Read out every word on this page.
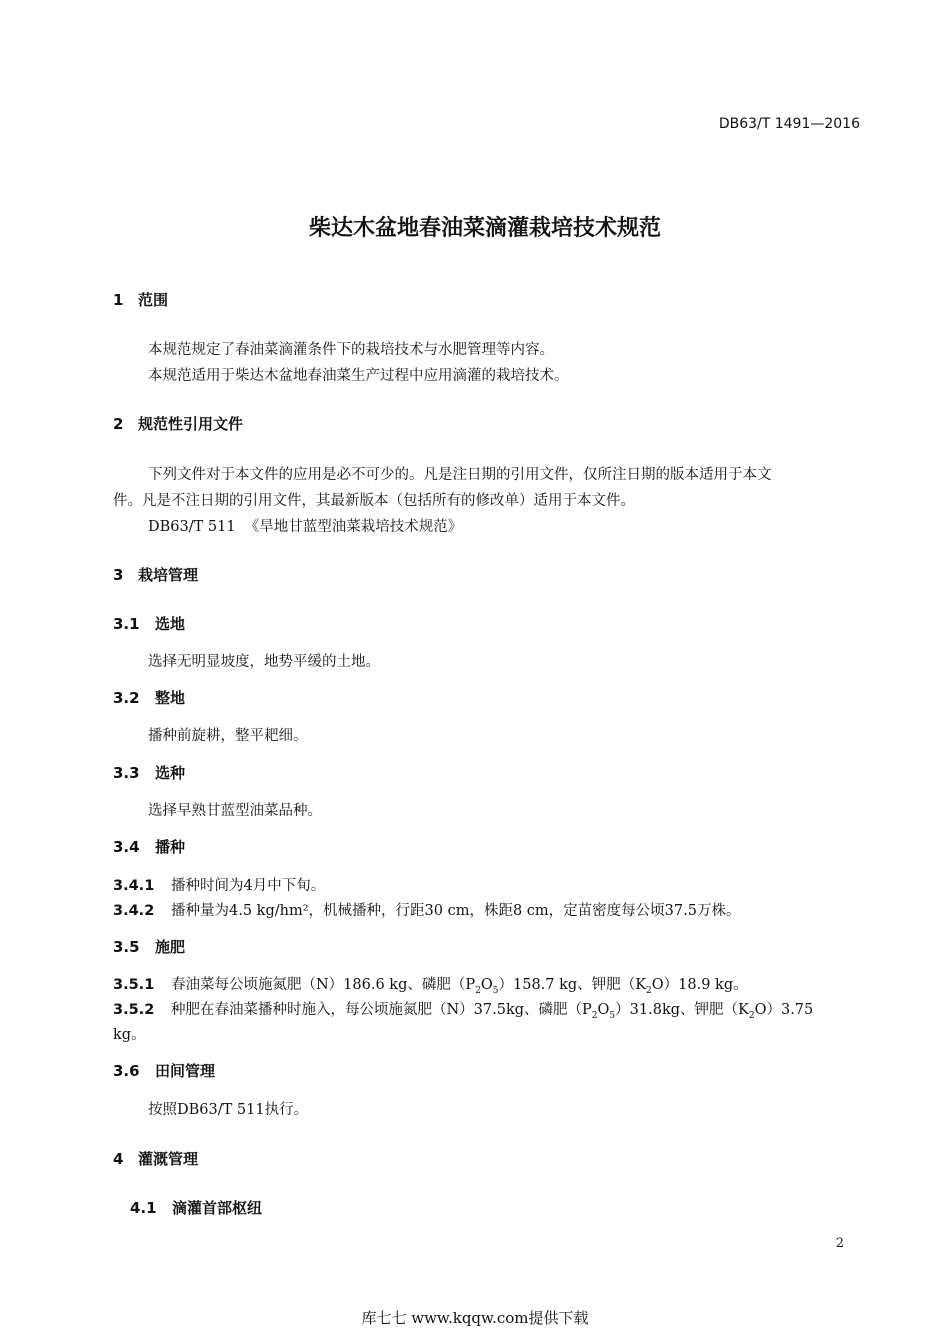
DB63/T 1491—2016
柴达木盆地春油菜滴灌栽培技术规范
1 范围
本规范规定了春油菜滴灌条件下的栽培技术与水肥管理等内容。
本规范适用于柴达木盆地春油菜生产过程中应用滴灌的栽培技术。
2 规范性引用文件
下列文件对于本文件的应用是必不可少的。凡是注日期的引用文件，仅所注日期的版本适用于本文
件。凡是不注日期的引用文件，其最新版本（包括所有的修改单）适用于本文件。
DB63/T 511  《旱地甘蓝型油菜栽培技术规范》
3 栽培管理
3.1 选地
选择无明显坡度，地势平缓的土地。
3.2 整地
播种前旋耕，整平耙细。
3.3 选种
选择早熟甘蓝型油菜品种。
3.4 播种
3.4.1 播种时间为4月中下旬。
3.4.2 播种量为4.5 kg/hm²，机械播种，行距30 cm，株距8 cm，定苗密度每公顷37.5万株。
3.5 施肥
3.5.1 春油菜每公顷施氮肥（N）186.6 kg、磷肥$(P_2O_5)158.7$ kg、钾肥$(K_2O)18.9$ kg。
3.5.2 种肥在春油菜播种时施入，每公顷施氮肥（N）37.5kg、磷肥$(P_2O_5)31.8kg$、钾肥$(K_2O)3.75$
kg。
3.6 田间管理
按照DB63/T 511执行。
4 灌溉管理
4.1 滴灌首部枢纽
2
库七七 www.kqqw.com提供下载
